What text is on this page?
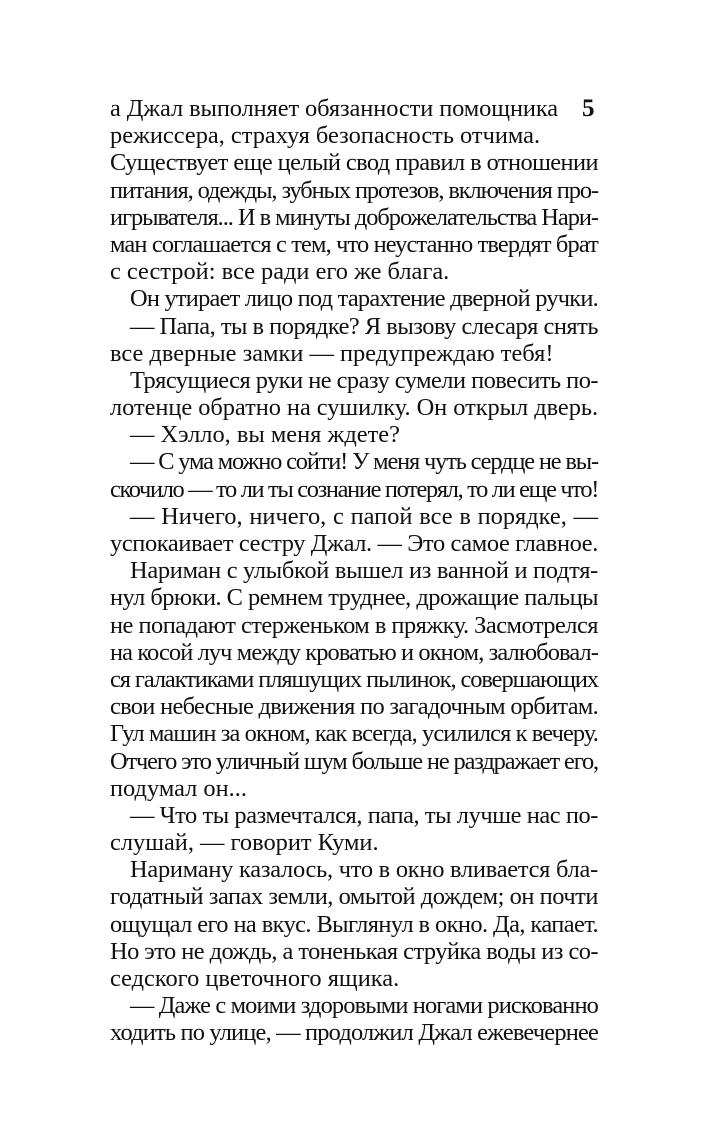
5
а Джал выполняет обязанности помощника
режиссера, страхуя безопасность отчима.
Существует еще целый свод правил в отношении
питания, одежды, зубных протезов, включения про-
игрывателя... И в минуты доброжелательства Нари-
ман соглашается с тем, что неустанно твердят брат
с сестрой: все ради его же блага.
Он утирает лицо под тарахтение дверной ручки.
— Папа, ты в порядке? Я вызову слесаря снять
все дверные замки — предупреждаю тебя!
Трясущиеся руки не сразу сумели повесить по-
лотенце обратно на сушилку. Он открыл дверь.
— Хэлло, вы меня ждете?
— С ума можно сойти! У меня чуть сердце не вы-
скочило — то ли ты сознание потерял, то ли еще что!
— Ничего, ничего, с папой все в порядке, —
успокаивает сестру Джал. — Это самое главное.
Нариман с улыбкой вышел из ванной и подтя-
нул брюки. С ремнем труднее, дрожащие пальцы
не попадают стерженьком в пряжку. Засмотрелся
на косой луч между кроватью и окном, залюбовал-
ся галактиками пляшущих пылинок, совершающих
свои небесные движения по загадочным орбитам.
Гул машин за окном, как всегда, усилился к вечеру.
Отчего это уличный шум больше не раздражает его,
подумал он...
— Что ты размечтался, папа, ты лучше нас по-
слушай, — говорит Куми.
Нариману казалось, что в окно вливается бла-
годатный запах земли, омытой дождем; он почти
ощущал его на вкус. Выглянул в окно. Да, капает.
Но это не дождь, а тоненькая струйка воды из со-
седского цветочного ящика.
— Даже с моими здоровыми ногами рискованно
ходить по улице, — продолжил Джал ежевечернее
